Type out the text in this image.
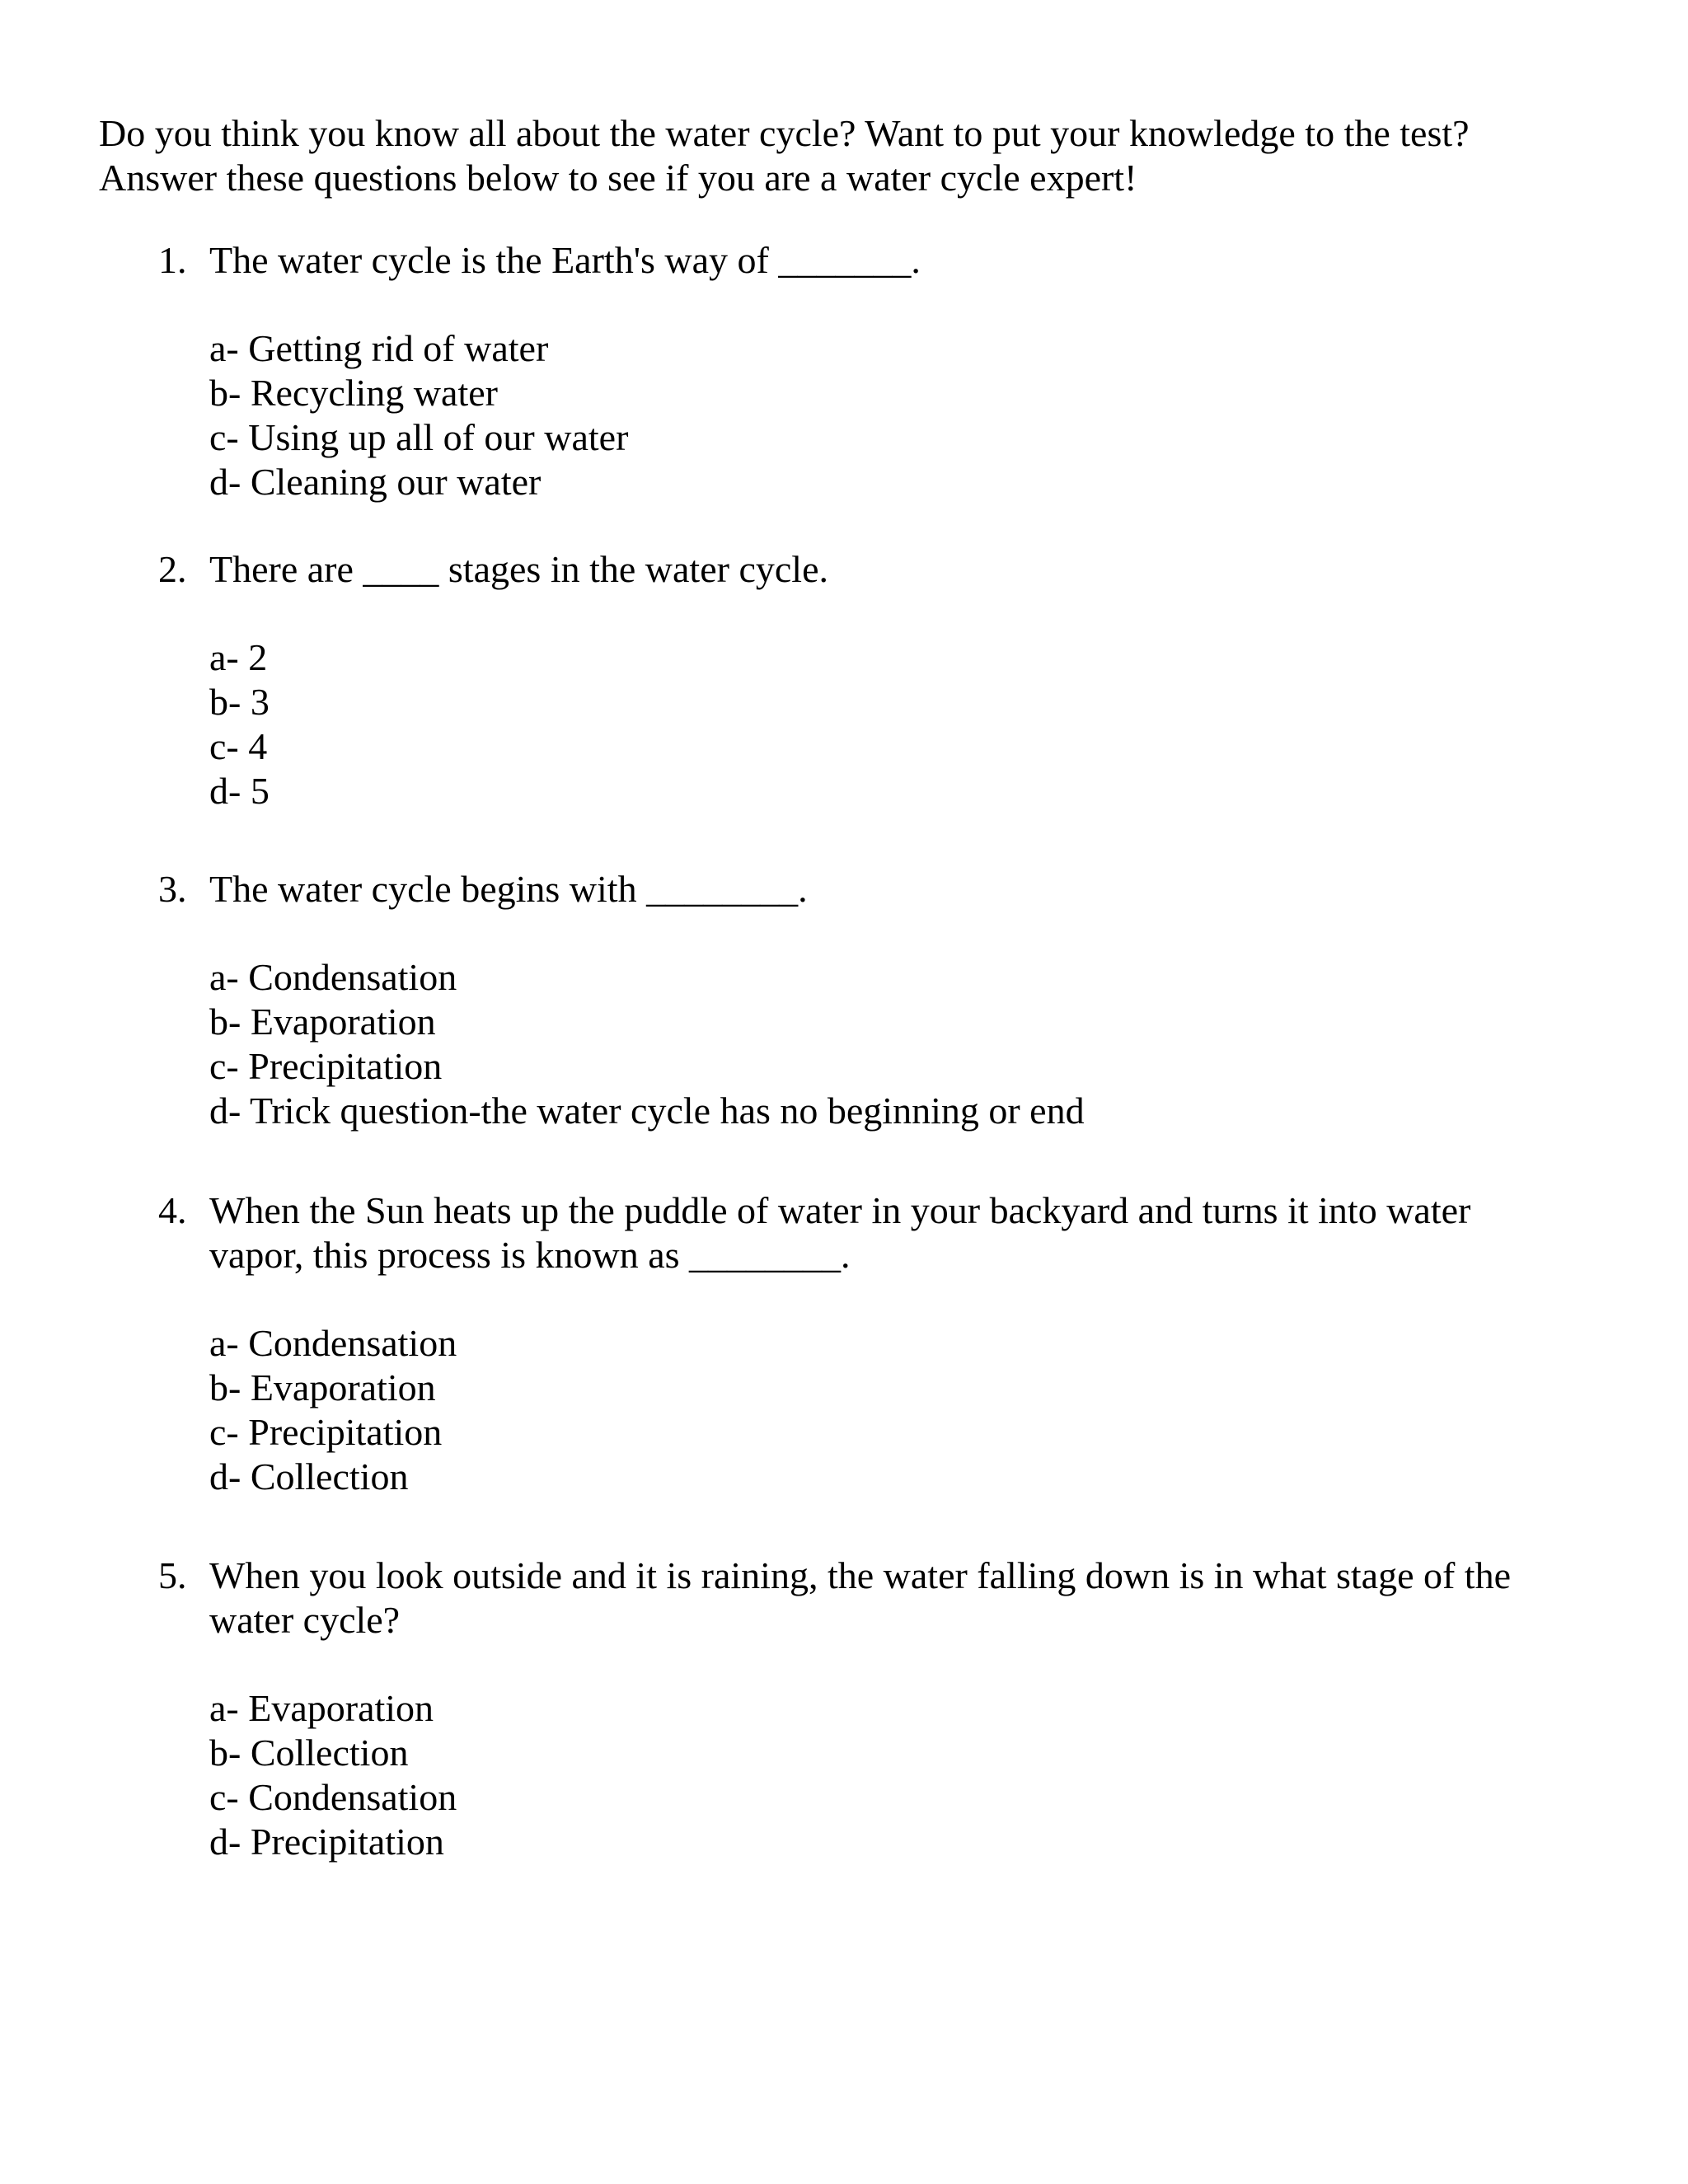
Do you think you know all about the water cycle? Want to put your knowledge to the test?
Answer these questions below to see if you are a water cycle expert!
1. The water cycle is the Earth's way of _______.
a- Getting rid of water
b- Recycling water
c- Using up all of our water
d- Cleaning our water
2. There are ____ stages in the water cycle.
a- 2
b- 3
c- 4
d- 5
3. The water cycle begins with ________.
a- Condensation
b- Evaporation
c- Precipitation
d- Trick question-the water cycle has no beginning or end
4. When the Sun heats up the puddle of water in your backyard and turns it into water
vapor, this process is known as ________.
a- Condensation
b- Evaporation
c- Precipitation
d- Collection
5. When you look outside and it is raining, the water falling down is in what stage of the
water cycle?
a- Evaporation
b- Collection
c- Condensation
d- Precipitation
